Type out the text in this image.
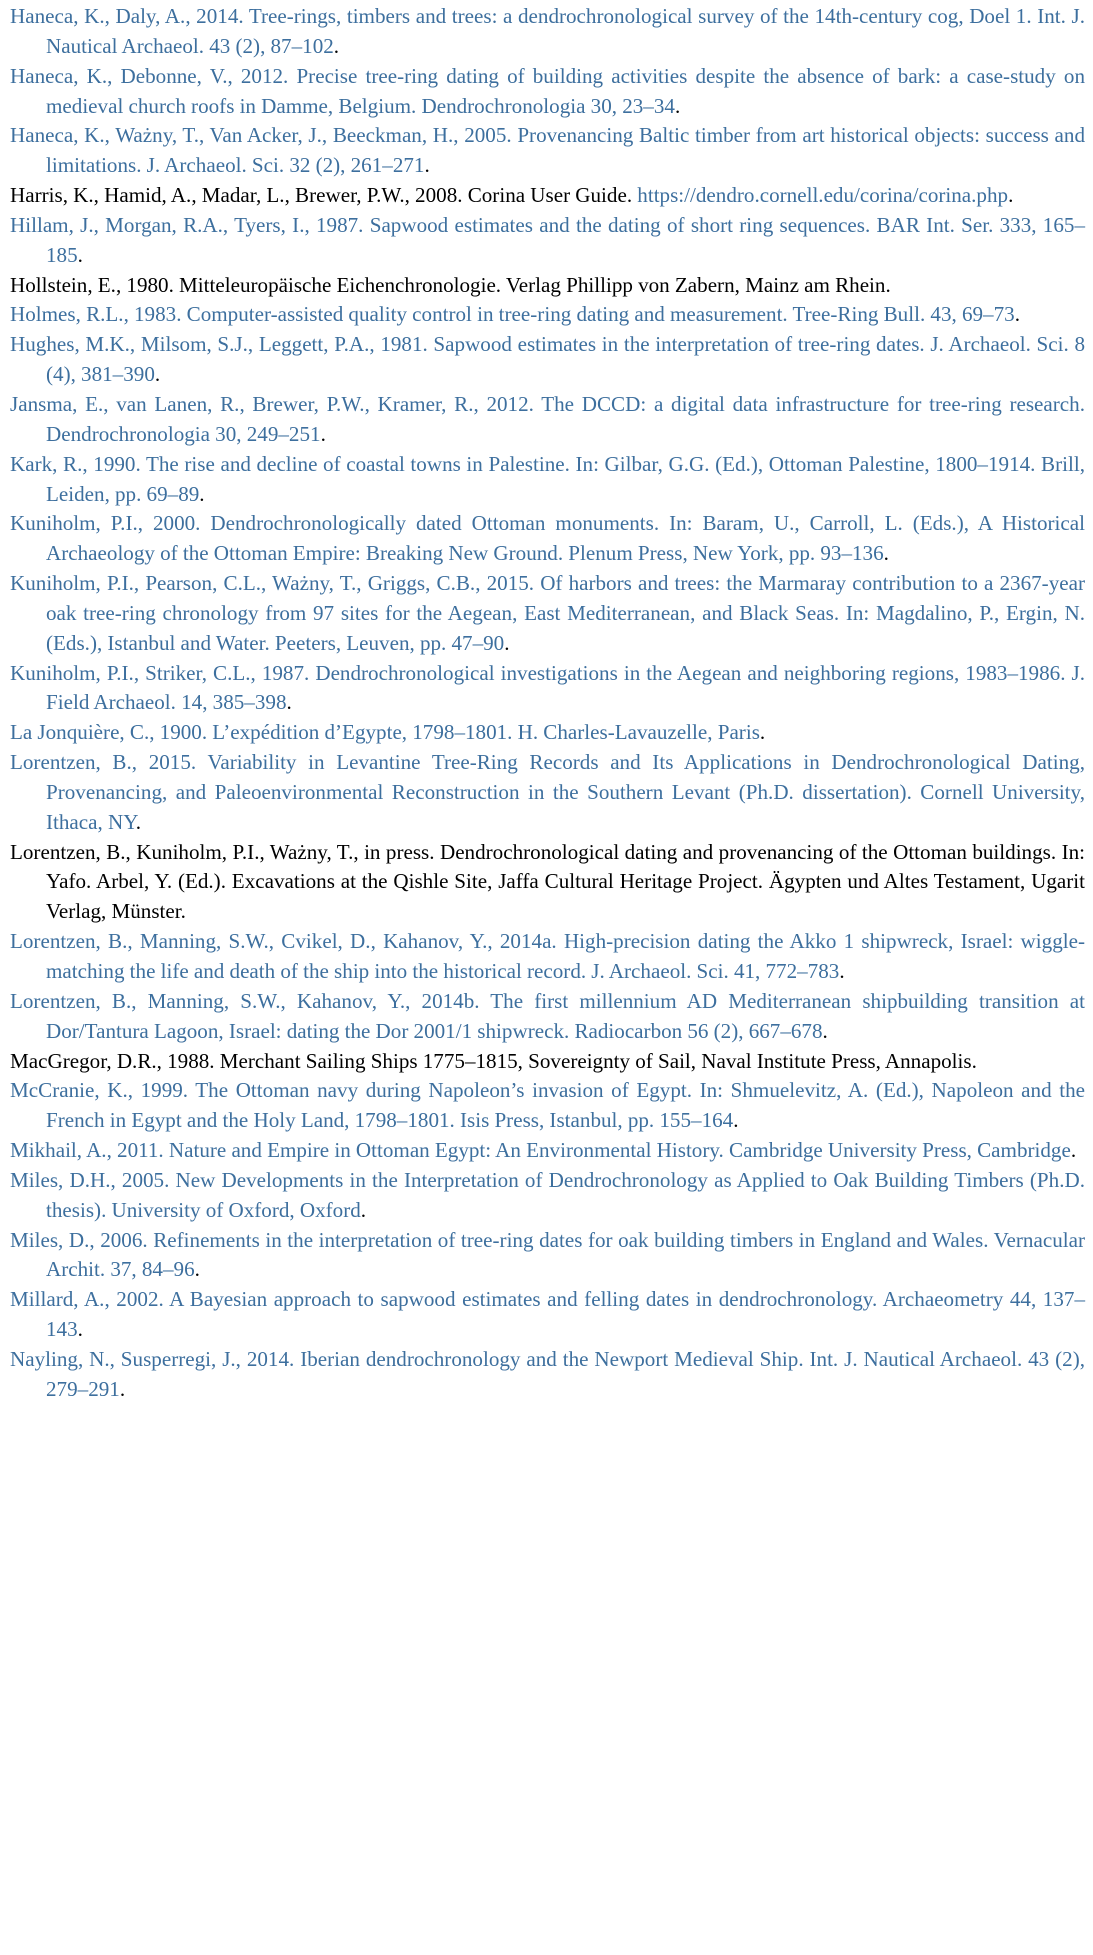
Haneca, K., Daly, A., 2014. Tree-rings, timbers and trees: a dendrochronological survey of the 14th-century cog, Doel 1. Int. J. Nautical Archaeol. 43 (2), 87–102.

Haneca, K., Debonne, V., 2012. Precise tree-ring dating of building activities despite the absence of bark: a case-study on medieval church roofs in Damme, Belgium. Dendrochronologia 30, 23–34.

Haneca, K., Ważny, T., Van Acker, J., Beeckman, H., 2005. Provenancing Baltic timber from art historical objects: success and limitations. J. Archaeol. Sci. 32 (2), 261–271.

Harris, K., Hamid, A., Madar, L., Brewer, P.W., 2008. Corina User Guide. https://dendro.cornell.edu/corina/corina.php.

Hillam, J., Morgan, R.A., Tyers, I., 1987. Sapwood estimates and the dating of short ring sequences. BAR Int. Ser. 333, 165–185.

Hollstein, E., 1980. Mitteleuropäische Eichenchronologie. Verlag Phillipp von Zabern, Mainz am Rhein.

Holmes, R.L., 1983. Computer-assisted quality control in tree-ring dating and measurement. Tree-Ring Bull. 43, 69–73.

Hughes, M.K., Milsom, S.J., Leggett, P.A., 1981. Sapwood estimates in the interpretation of tree-ring dates. J. Archaeol. Sci. 8 (4), 381–390.

Jansma, E., van Lanen, R., Brewer, P.W., Kramer, R., 2012. The DCCD: a digital data infrastructure for tree-ring research. Dendrochronologia 30, 249–251.

Kark, R., 1990. The rise and decline of coastal towns in Palestine. In: Gilbar, G.G. (Ed.), Ottoman Palestine, 1800–1914. Brill, Leiden, pp. 69–89.

Kuniholm, P.I., 2000. Dendrochronologically dated Ottoman monuments. In: Baram, U., Carroll, L. (Eds.), A Historical Archaeology of the Ottoman Empire: Breaking New Ground. Plenum Press, New York, pp. 93–136.

Kuniholm, P.I., Pearson, C.L., Ważny, T., Griggs, C.B., 2015. Of harbors and trees: the Marmaray contribution to a 2367-year oak tree-ring chronology from 97 sites for the Aegean, East Mediterranean, and Black Seas. In: Magdalino, P., Ergin, N. (Eds.), Istanbul and Water. Peeters, Leuven, pp. 47–90.

Kuniholm, P.I., Striker, C.L., 1987. Dendrochronological investigations in the Aegean and neighboring regions, 1983–1986. J. Field Archaeol. 14, 385–398.

La Jonquière, C., 1900. L’expédition d’Egypte, 1798–1801. H. Charles-Lavauzelle, Paris.

Lorentzen, B., 2015. Variability in Levantine Tree-Ring Records and Its Applications in Dendrochronological Dating, Provenancing, and Paleoenvironmental Reconstruction in the Southern Levant (Ph.D. dissertation). Cornell University, Ithaca, NY.

Lorentzen, B., Kuniholm, P.I., Ważny, T., in press. Dendrochronological dating and provenancing of the Ottoman buildings. In: Yafo. Arbel, Y. (Ed.). Excavations at the Qishle Site, Jaffa Cultural Heritage Project. Ägypten und Altes Testament, Ugarit Verlag, Münster.

Lorentzen, B., Manning, S.W., Cvikel, D., Kahanov, Y., 2014a. High-precision dating the Akko 1 shipwreck, Israel: wiggle-matching the life and death of the ship into the historical record. J. Archaeol. Sci. 41, 772–783.

Lorentzen, B., Manning, S.W., Kahanov, Y., 2014b. The first millennium AD Mediterranean shipbuilding transition at Dor/Tantura Lagoon, Israel: dating the Dor 2001/1 shipwreck. Radiocarbon 56 (2), 667–678.

MacGregor, D.R., 1988. Merchant Sailing Ships 1775–1815, Sovereignty of Sail, Naval Institute Press, Annapolis.

McCranie, K., 1999. The Ottoman navy during Napoleon’s invasion of Egypt. In: Shmuelevitz, A. (Ed.), Napoleon and the French in Egypt and the Holy Land, 1798–1801. Isis Press, Istanbul, pp. 155–164.

Mikhail, A., 2011. Nature and Empire in Ottoman Egypt: An Environmental History. Cambridge University Press, Cambridge.

Miles, D.H., 2005. New Developments in the Interpretation of Dendrochronology as Applied to Oak Building Timbers (Ph.D. thesis). University of Oxford, Oxford.

Miles, D., 2006. Refinements in the interpretation of tree-ring dates for oak building timbers in England and Wales. Vernacular Archit. 37, 84–96.

Millard, A., 2002. A Bayesian approach to sapwood estimates and felling dates in dendrochronology. Archaeometry 44, 137–143.

Nayling, N., Susperregi, J., 2014. Iberian dendrochronology and the Newport Medieval Ship. Int. J. Nautical Archaeol. 43 (2), 279–291.
